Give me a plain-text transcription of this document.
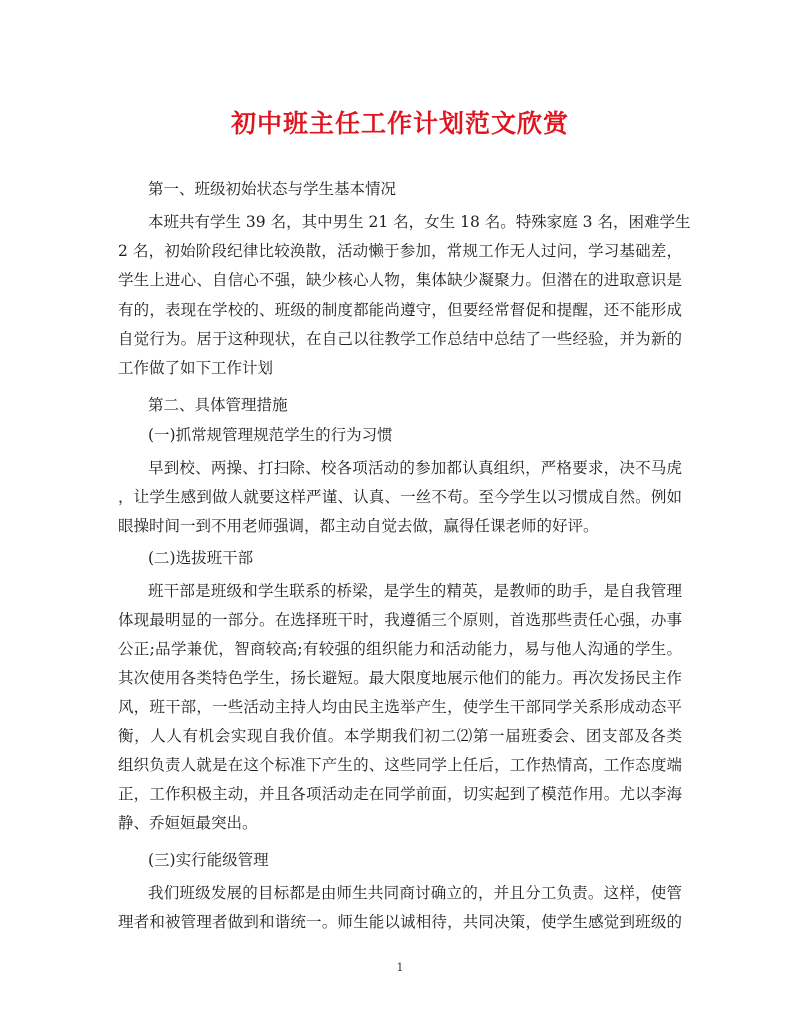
初中班主任工作计划范文欣赏
第一、班级初始状态与学生基本情况
本班共有学生 39 名，其中男生 21 名，女生 18 名。特殊家庭 3 名，困难学生
2 名，初始阶段纪律比较涣散，活动懒于参加，常规工作无人过问，学习基础差，
学生上进心、自信心不强，缺少核心人物，集体缺少凝聚力。但潜在的进取意识是
有的，表现在学校的、班级的制度都能尚遵守，但要经常督促和提醒，还不能形成
自觉行为。居于这种现状，在自己以往教学工作总结中总结了一些经验，并为新的
工作做了如下工作计划
第二、具体管理措施
(一)抓常规管理规范学生的行为习惯
早到校、两操、打扫除、校各项活动的参加都认真组织，严格要求，决不马虎
，让学生感到做人就要这样严谨、认真、一丝不苟。至今学生以习惯成自然。例如
眼操时间一到不用老师强调，都主动自觉去做，赢得任课老师的好评。
(二)选拔班干部
班干部是班级和学生联系的桥梁，是学生的精英，是教师的助手，是自我管理
体现最明显的一部分。在选择班干时，我遵循三个原则，首选那些责任心强，办事
公正;品学兼优，智商较高;有较强的组织能力和活动能力，易与他人沟通的学生。
其次使用各类特色学生，扬长避短。最大限度地展示他们的能力。再次发扬民主作
风，班干部，一些活动主持人均由民主选举产生，使学生干部同学关系形成动态平
衡，人人有机会实现自我价值。本学期我们初二⑵第一届班委会、团支部及各类
组织负责人就是在这个标准下产生的、这些同学上任后，工作热情高，工作态度端
正，工作积极主动，并且各项活动走在同学前面，切实起到了模范作用。尤以李海
静、乔姮姮最突出。
(三)实行能级管理
我们班级发展的目标都是由师生共同商讨确立的，并且分工负责。这样，使管
理者和被管理者做到和谐统一。师生能以诚相待，共同决策，使学生感觉到班级的
1
